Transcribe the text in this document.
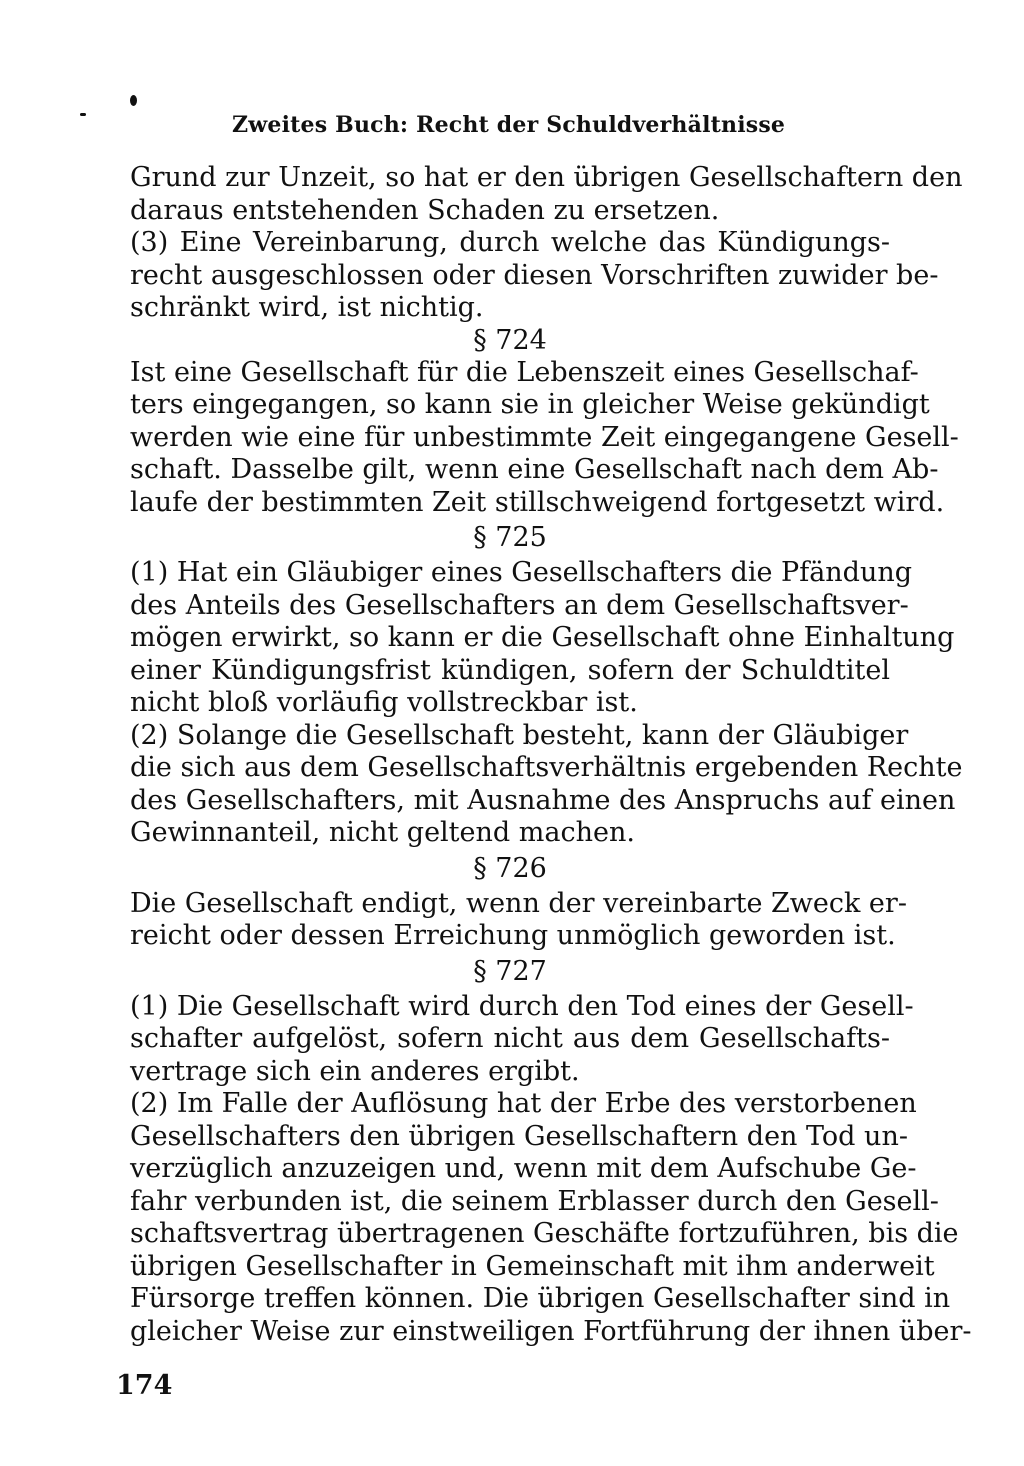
Zweites Buch: Recht der Schuldverhältnisse
Grund zur Unzeit, so hat er den übrigen Gesellschaftern den
daraus entstehenden Schaden zu ersetzen.
(3) Eine Vereinbarung, durch welche das Kündigungs-
recht ausgeschlossen oder diesen Vorschriften zuwider be-
schränkt wird, ist nichtig.
§ 724
Ist eine Gesellschaft für die Lebenszeit eines Gesellschaf-
ters eingegangen, so kann sie in gleicher Weise gekündigt
werden wie eine für unbestimmte Zeit eingegangene Gesell-
schaft. Dasselbe gilt, wenn eine Gesellschaft nach dem Ab-
laufe der bestimmten Zeit stillschweigend fortgesetzt wird.
§ 725
(1) Hat ein Gläubiger eines Gesellschafters die Pfändung
des Anteils des Gesellschafters an dem Gesellschaftsver-
mögen erwirkt, so kann er die Gesellschaft ohne Einhaltung
einer Kündigungsfrist kündigen, sofern der Schuldtitel
nicht bloß vorläufig vollstreckbar ist.
(2) Solange die Gesellschaft besteht, kann der Gläubiger
die sich aus dem Gesellschaftsverhältnis ergebenden Rechte
des Gesellschafters, mit Ausnahme des Anspruchs auf einen
Gewinnanteil, nicht geltend machen.
§ 726
Die Gesellschaft endigt, wenn der vereinbarte Zweck er-
reicht oder dessen Erreichung unmöglich geworden ist.
§ 727
(1) Die Gesellschaft wird durch den Tod eines der Gesell-
schafter aufgelöst, sofern nicht aus dem Gesellschafts-
vertrage sich ein anderes ergibt.
(2) Im Falle der Auflösung hat der Erbe des verstorbenen
Gesellschafters den übrigen Gesellschaftern den Tod un-
verzüglich anzuzeigen und, wenn mit dem Aufschube Ge-
fahr verbunden ist, die seinem Erblasser durch den Gesell-
schaftsvertrag übertragenen Geschäfte fortzuführen, bis die
übrigen Gesellschafter in Gemeinschaft mit ihm anderweit
Fürsorge treffen können. Die übrigen Gesellschafter sind in
gleicher Weise zur einstweiligen Fortführung der ihnen über-
174
